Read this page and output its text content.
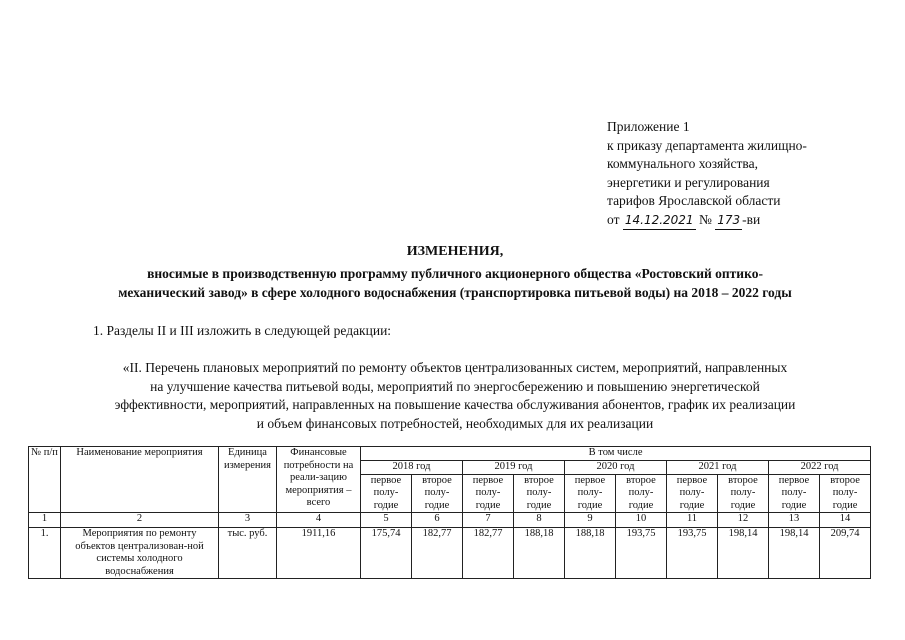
Приложение 1
к приказу департамента жилищно-
коммунального хозяйства,
энергетики и регулирования
тарифов Ярославской области
от 14.12.2021 № 173 -ви
ИЗМЕНЕНИЯ,
вносимые в производственную программу публичного акционерного общества «Ростовский оптико-
механический завод» в сфере холодного водоснабжения (транспортировка питьевой воды) на 2018 – 2022 годы
1. Разделы II и III изложить в следующей редакции:
«II. Перечень плановых мероприятий по ремонту объектов централизованных систем, мероприятий, направленных
на улучшение качества питьевой воды, мероприятий по энергосбережению и повышению энергетической
эффективности, мероприятий, направленных на повышение качества обслуживания абонентов, график их реализации
и объем финансовых потребностей, необходимых для их реализации
№ п/п	Наименование мероприятия	Единица измерения	Финансовые потребности на реали-зацию мероприятия – всего	В том числе									
				2018 год		2019 год		2020 год		2021 год		2022 год	
				первое полу-годие	второе полу-годие	первое полу-годие	второе полу-годие	первое полу-годие	второе полу-годие	первое полу-годие	второе полу-годие	первое полу-годие	второе полу-годие
1	2	3	4	5	6	7	8	9	10	11	12	13	14
1.	Мероприятия по ремонту объектов централизован-ной системы холодного водоснабжения	тыс. руб.	1911,16	175,74	182,77	182,77	188,18	188,18	193,75	193,75	198,14	198,14	209,74
